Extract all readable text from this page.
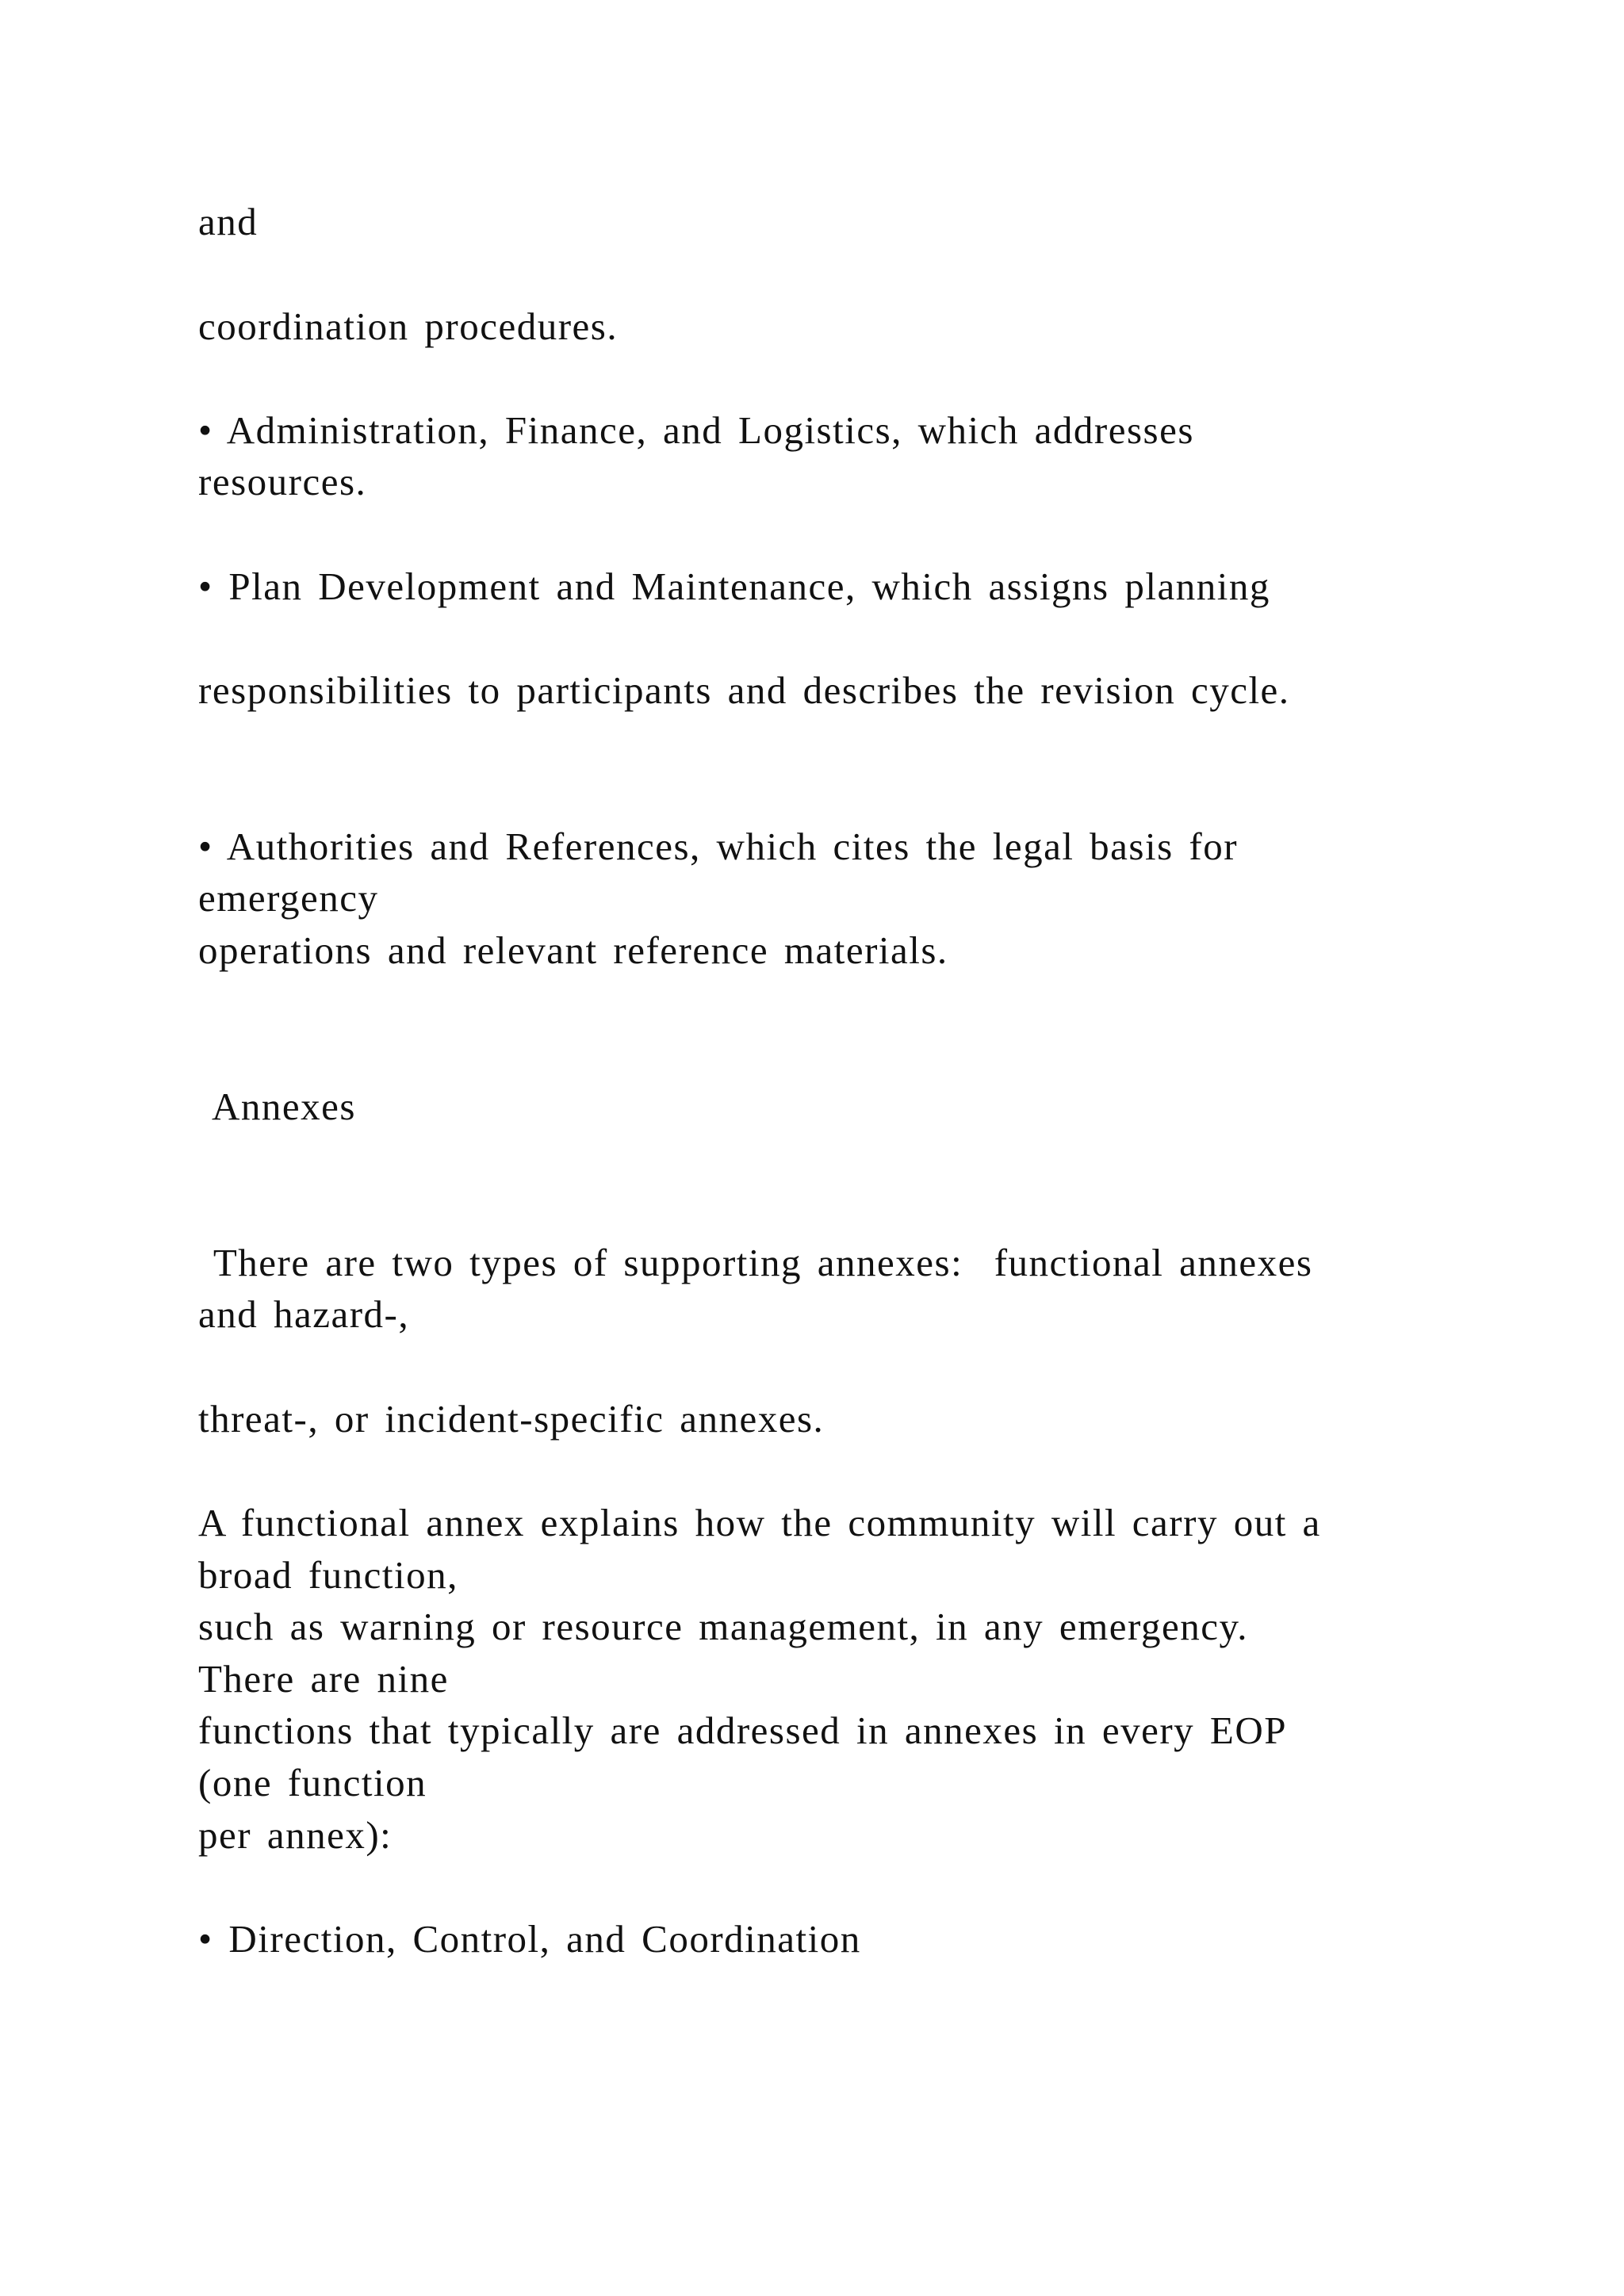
and
coordination procedures.
• Administration, Finance, and Logistics, which addresses
resources.
• Plan Development and Maintenance, which assigns planning
responsibilities to participants and describes the revision cycle.
• Authorities and References, which cites the legal basis for
emergency
operations and relevant reference materials.
Annexes
There are two types of supporting annexes:  functional annexes
and hazard-,
threat-, or incident-specific annexes.
A functional annex explains how the community will carry out a
broad function,
such as warning or resource management, in any emergency.
There are nine
functions that typically are addressed in annexes in every EOP
(one function
per annex):
• Direction, Control, and Coordination
